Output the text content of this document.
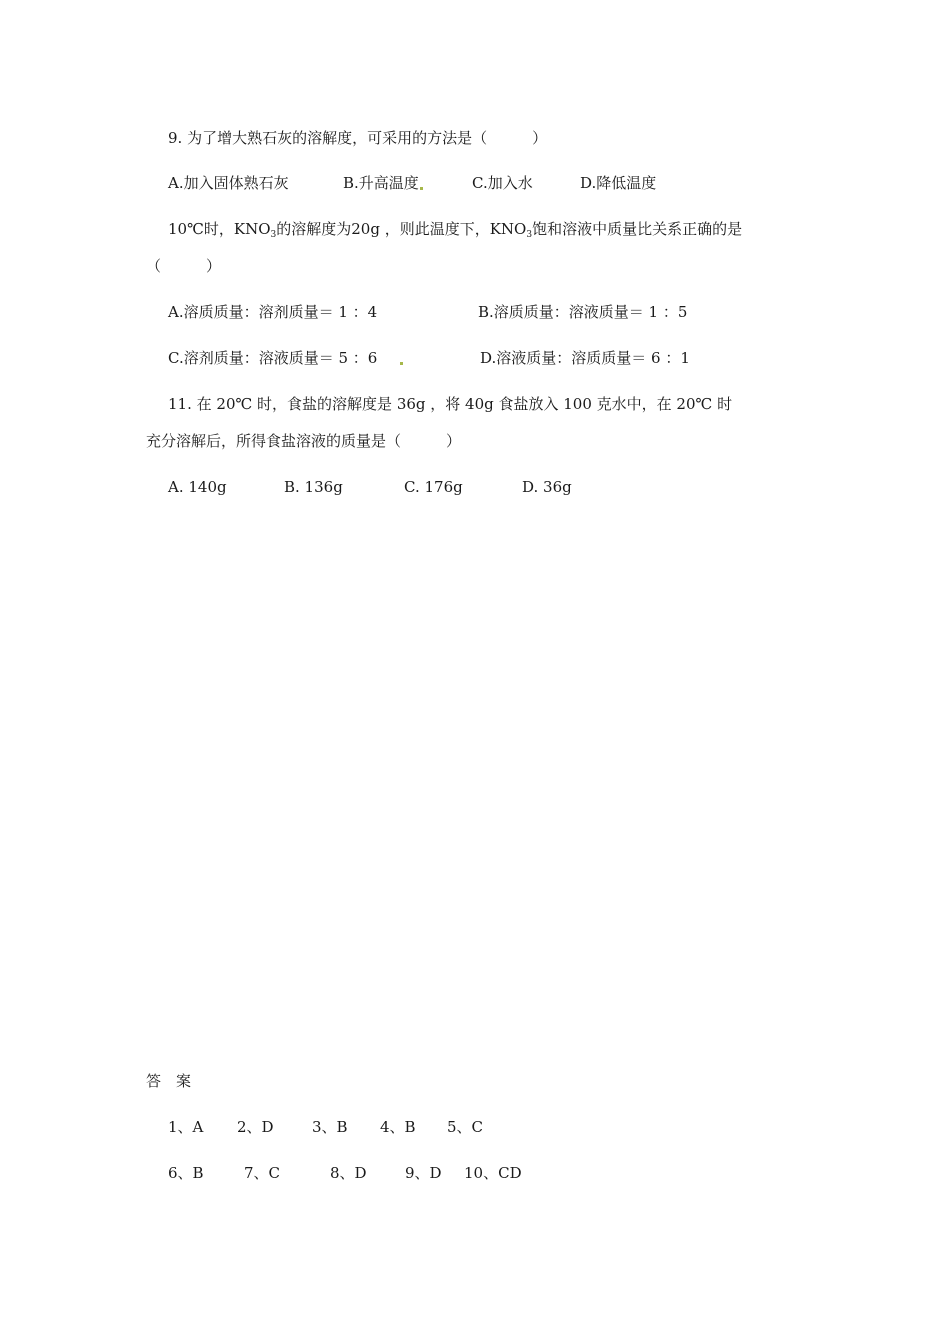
9. 为了增大熟石灰的溶解度，可采用的方法是（　　　）
A.加入固体熟石灰	B.升高温度	C.加入水	D.降低温度
10℃时，$KNO_3$的溶解度为20g ，则此温度下，$KNO_3$饱和溶液中质量比关系正确的是
（　　　）
A.溶质质量：溶剂质量＝ 1 ：4	B.溶质质量：溶液质量＝ 1 ：5
C.溶剂质量：溶液质量＝ 5 ：6	D.溶液质量：溶质质量＝ 6 ：1
11. 在 20℃ 时，食盐的溶解度是 36g ，将 40g 食盐放入 100 克水中，在 20℃ 时
充分溶解后，所得食盐溶液的质量是（　　　）
A. 140g	B. 136g	C. 176g	D. 36g
答　案
1、A 2、D	3、B 4、B 5、C
6、B	7、C	8、D	9、D 10、CD
